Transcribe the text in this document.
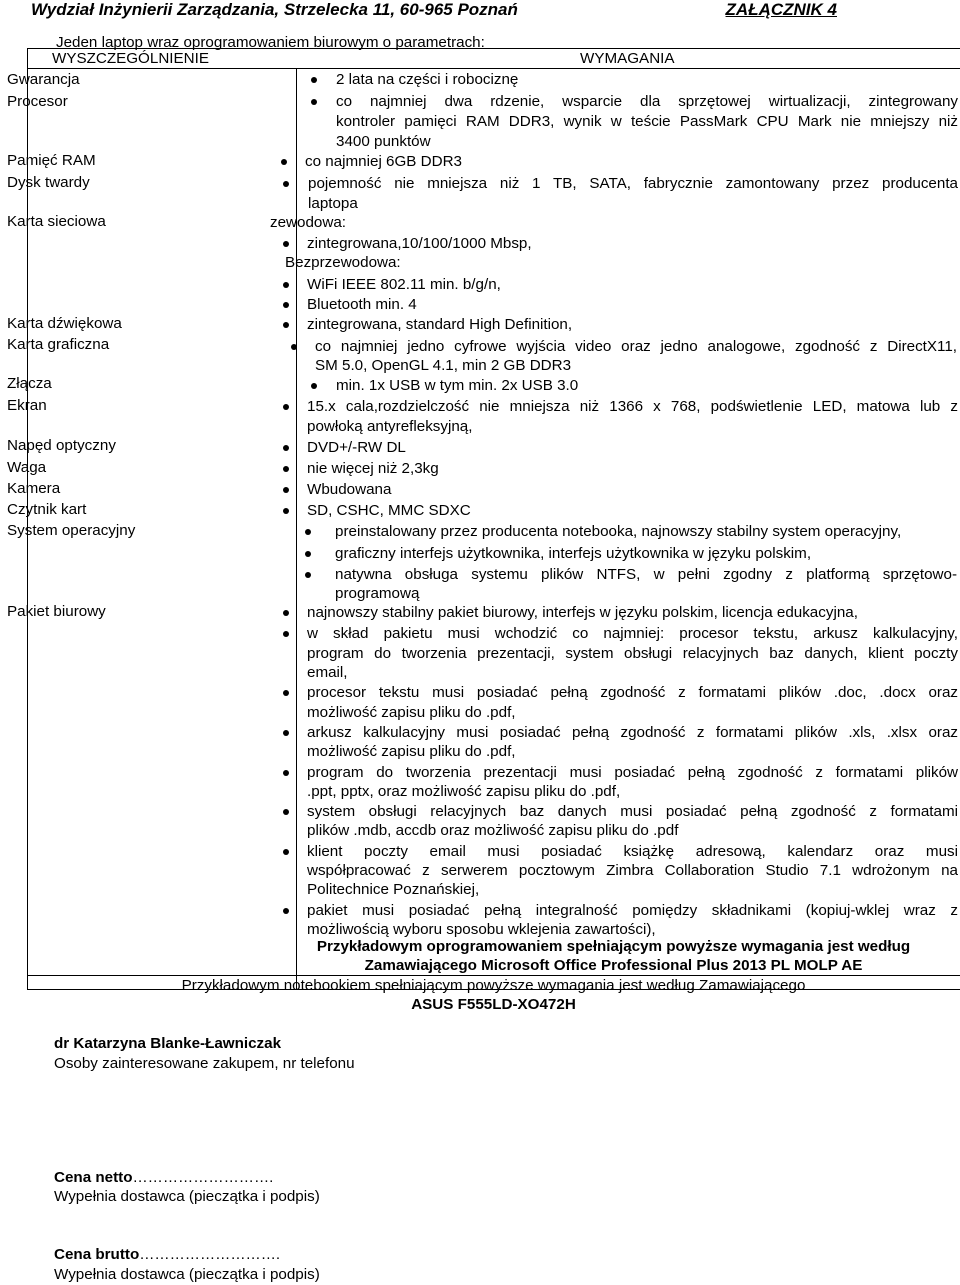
Wydział Inżynierii Zarządzania, Strzelecka 11, 60-965 Poznań	ZAŁĄCZNIK 4
Jeden laptop wraz oprogramowaniem biurowym o parametrach:
WYSZCZEGÓLNIENIE	WYMAGANIA
Gwarancja	2 lata na części i robociznę
Procesor	co najmniej dwa rdzenie, wsparcie dla sprzętowej wirtualizacji, zintegrowany
kontroler pamięci RAM DDR3, wynik w teście PassMark CPU Mark nie mniejszy niż
3400 punktów
Pamięć RAM	co najmniej 6GB DDR3
Dysk twardy	pojemność nie mniejsza niż 1 TB, SATA, fabrycznie zamontowany przez producenta
laptopa
Karta sieciowa	zewodowa:
zintegrowana,10/100/1000 Mbsp,
Bezprzewodowa:
WiFi IEEE 802.11 min. b/g/n,
Bluetooth min. 4
Karta dźwiękowa	zintegrowana, standard High Definition,
Karta graficzna	co najmniej jedno cyfrowe wyjścia video oraz jedno analogowe, zgodność z DirectX11,
SM 5.0, OpenGL 4.1, min 2 GB DDR3
Złącza	min. 1x USB w tym min. 2x USB 3.0
Ekran	15.x cala,rozdzielczość nie mniejsza niż 1366 x 768, podświetlenie LED, matowa lub z
powłoką antyrefleksyjną,
Napęd optyczny	DVD+/-RW DL
Waga	nie więcej niż 2,3kg
Kamera	Wbudowana
Czytnik kart	SD, CSHC, MMC SDXC
System operacyjny	preinstalowany przez producenta notebooka, najnowszy stabilny system operacyjny,
graficzny interfejs użytkownika, interfejs użytkownika w języku polskim,
natywna obsługa systemu plików NTFS, w pełni zgodny z platformą sprzętowo-
programową
Pakiet biurowy	najnowszy stabilny pakiet biurowy, interfejs w języku polskim, licencja edukacyjna,
w skład pakietu musi wchodzić co najmniej: procesor tekstu, arkusz kalkulacyjny,
program do tworzenia prezentacji, system obsługi relacyjnych baz danych, klient poczty
email,
procesor tekstu musi posiadać pełną zgodność z formatami plików .doc, .docx oraz
możliwość zapisu pliku do .pdf,
arkusz kalkulacyjny musi posiadać pełną zgodność z formatami plików .xls, .xlsx oraz
możliwość zapisu pliku do .pdf,
program do tworzenia prezentacji musi posiadać pełną zgodność z formatami plików
.ppt, pptx, oraz możliwość zapisu pliku do .pdf,
system obsługi relacyjnych baz danych musi posiadać pełną zgodność z formatami
plików .mdb, accdb oraz możliwość zapisu pliku do .pdf
klient poczty email musi posiadać książkę adresową, kalendarz oraz musi
współpracować z serwerem pocztowym Zimbra Collaboration Studio 7.1 wdrożonym na
Politechnice Poznańskiej,
pakiet musi posiadać pełną integralność pomiędzy składnikami (kopiuj-wklej wraz z
możliwością wyboru sposobu wklejenia zawartości),
Przykładowym oprogramowaniem spełniającym powyższe wymagania jest według
Zamawiającego Microsoft Office Professional Plus 2013 PL MOLP AE
Przykładowym notebookiem spełniającym powyższe wymagania jest według Zamawiającego
ASUS F555LD-XO472H
dr Katarzyna Blanke-Ławniczak
Osoby zainteresowane zakupem, nr telefonu
Cena netto……………………….
Wypełnia dostawca (pieczątka i podpis)
Cena brutto……………………….
Wypełnia dostawca (pieczątka i podpis)
